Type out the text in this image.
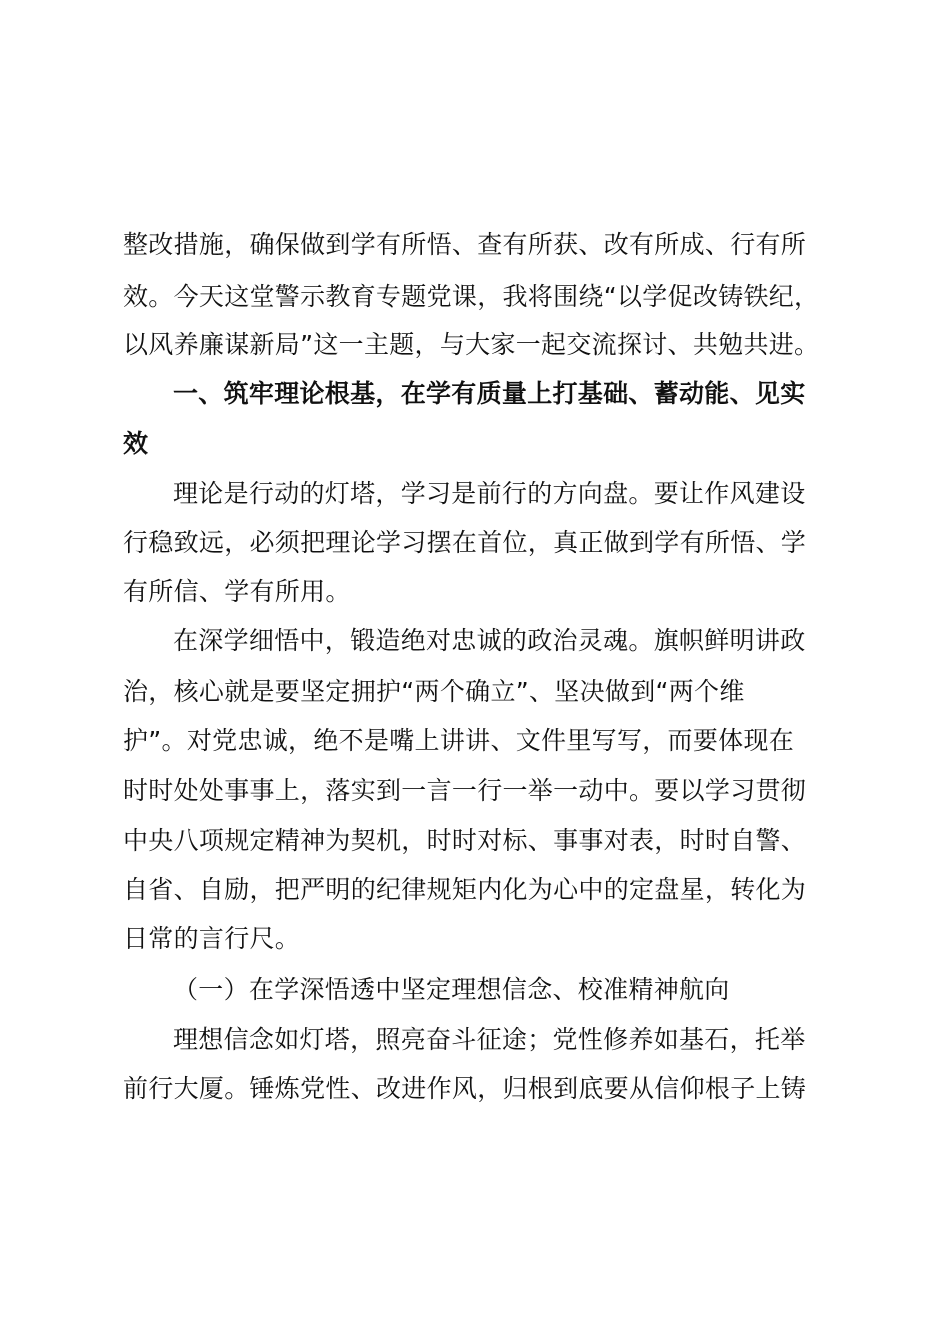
整改措施，确保做到学有所悟、查有所获、改有所成、行有所
效。今天这堂警示教育专题党课，我将围绕“以学促改铸铁纪，
以风养廉谋新局”这一主题，与大家一起交流探讨、共勉共进。
一、筑牢理论根基，在学有质量上打基础、蓄动能、见实
效
理论是行动的灯塔，学习是前行的方向盘。要让作风建设
行稳致远，必须把理论学习摆在首位，真正做到学有所悟、学
有所信、学有所用。
在深学细悟中，锻造绝对忠诚的政治灵魂。旗帜鲜明讲政
治，核心就是要坚定拥护“两个确立”、坚决做到“两个维
护”。对党忠诚，绝不是嘴上讲讲、文件里写写，而要体现在
时时处处事事上，落实到一言一行一举一动中。要以学习贯彻
中央八项规定精神为契机，时时对标、事事对表，时时自警、
自省、自励，把严明的纪律规矩内化为心中的定盘星，转化为
日常的言行尺。
（一）在学深悟透中坚定理想信念、校准精神航向
理想信念如灯塔，照亮奋斗征途；党性修养如基石，托举
前行大厦。锤炼党性、改进作风，归根到底要从信仰根子上铸
